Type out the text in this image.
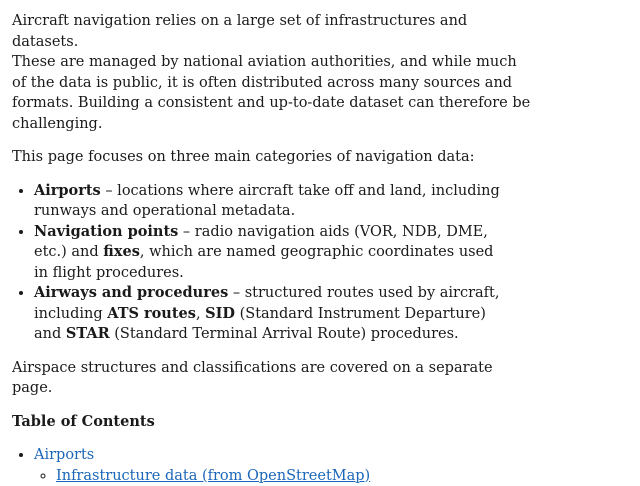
Aircraft navigation relies on a large set of infrastructures and datasets.
These are managed by national aviation authorities, and while much of the data is public, it is often distributed across many sources and formats. Building a consistent and up-to-date dataset can therefore be challenging.

This page focuses on three main categories of navigation data:

• Airports – locations where aircraft take off and land, including runways and operational metadata.
• Navigation points – radio navigation aids (VOR, NDB, DME, etc.) and fixes, which are named geographic coordinates used in flight procedures.
• Airways and procedures – structured routes used by aircraft, including ATS routes, SID (Standard Instrument Departure) and STAR (Standard Terminal Arrival Route) procedures.

Airspace structures and classifications are covered on a separate page.

Table of Contents
• Airports
◦ Infrastructure data (from OpenStreetMap)
